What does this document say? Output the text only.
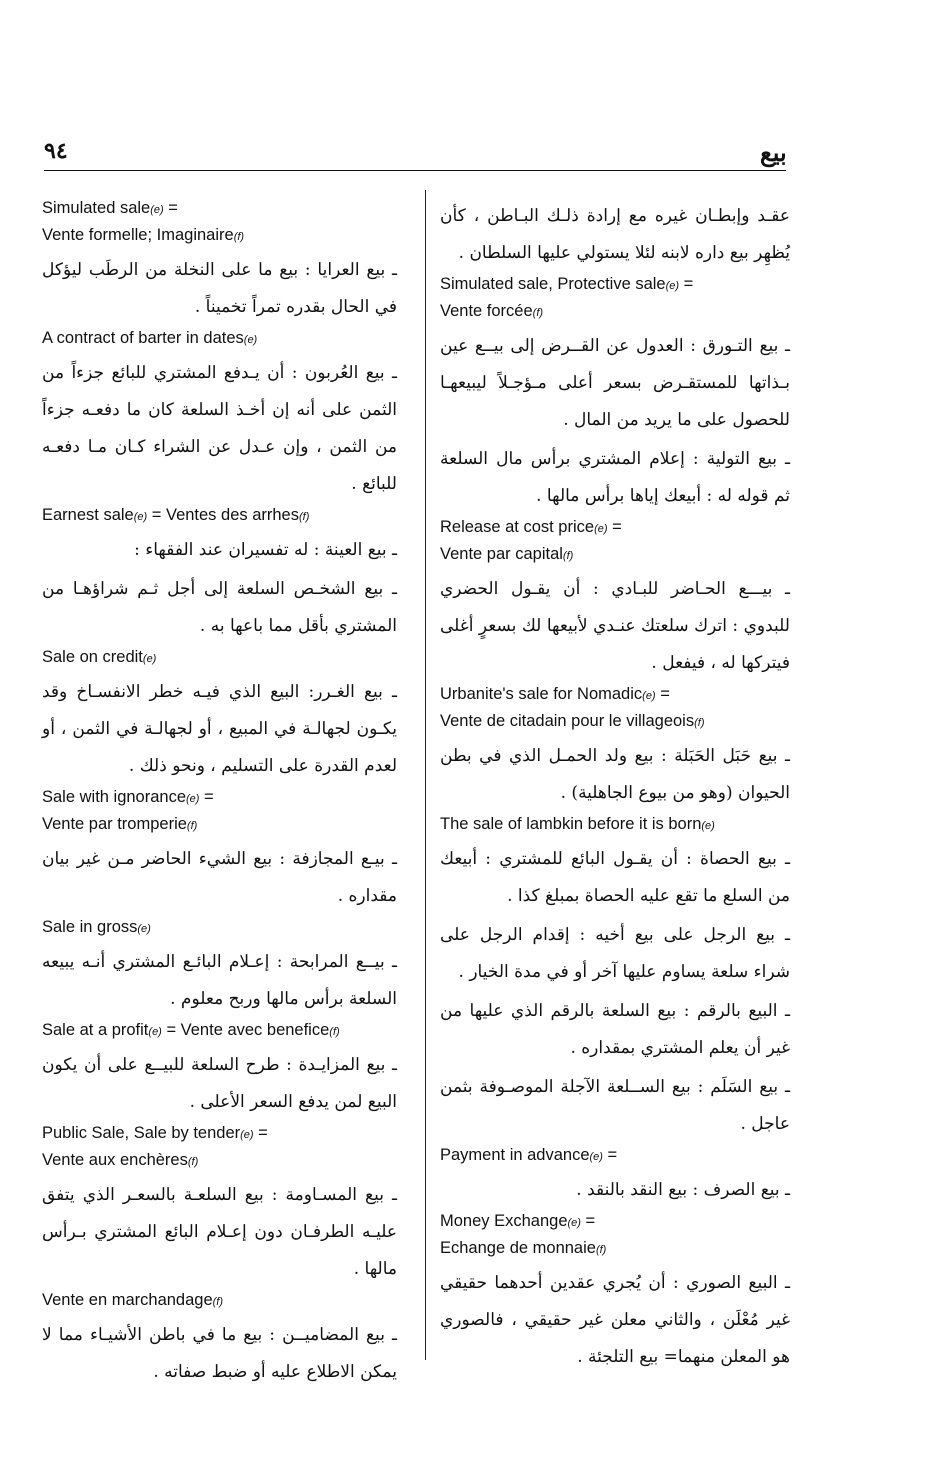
٩٤	بيع

Simulated sale(e) =

Vente formelle; Imaginaire(f)

ـ بيع العرايا : بيع ما على النخلة من الرطَب ليؤكل في الحال بقدره تمراً تخميناً .

A contract of barter in dates(e)

ـ بيع العُربون : أن يـدفع المشتري للبائع جزءاً من الثمن على أنه إن أخـذ السلعة كان ما دفعـه جزءاً من الثمن ، وإن عـدل عن الشراء كـان مـا دفعـه للبائع .

Earnest sale(e) = Ventes des arrhes(f)

ـ بيع العينة : له تفسيران عند الفقهاء :

ـ بيع الشخـص السلعة إلى أجل ثـم شراؤهـا من المشتري بأقل مما باعها به .

Sale on credit(e)

ـ بيع الغـرر: البيع الذي فيـه خطر الانفسـاخ وقد يكـون لجهالـة في المبيع ، أو لجهالـة في الثمن ، أو لعدم القدرة على التسليم ، ونحو ذلك .

Sale with ignorance(e) =

Vente par tromperie(f)

ـ بيـع المجازفة : بيع الشيء الحاضر مـن غير بيان مقداره .

Sale in gross(e)

ـ بيــع المرابحة : إعـلام البائـع المشتري أنـه يبيعه السلعة برأس مالها وربح معلوم .

Sale at a profit(e) = Vente avec benefice(f)

ـ بيع المزايـدة : طرح السلعة للبيــع على أن يكون البيع لمن يدفع السعر الأعلى .

Public Sale, Sale by tender(e) =

Vente aux enchères(f)

ـ بيع المسـاومة : بيع السلعـة بالسعـر الذي يتفق عليـه الطرفـان دون إعـلام البائع المشتري بـرأس مالها .

Vente en marchandage(f)

ـ بيع المضاميــن : بيع ما في باطن الأشيـاء مما لا يمكن الاطلاع عليه أو ضبط صفاته .

عقـد وإبطـان غيره مع إرادة ذلـك البـاطن ، كأن يُظهِر بيع داره لابنه لئلا يستولي عليها السلطان .

Simulated sale, Protective sale(e) =

Vente forcée(f)

ـ بيع التـورق : العدول عن القــرض إلى بيــع عين بـذاتها للمستقـرض بسعر أعلى مـؤجـلاً ليبيعهـا للحصول على ما يريد من المال .

ـ بيع التولية : إعلام المشتري برأس مال السلعة ثم قوله له : أبيعك إياها برأس مالها .

Release at cost price(e) =

Vente par capital(f)

ـ بيـــع الحـاضر للبـادي : أن يقـول الحضري للبدوي : اترك سلعتك عنـدي لأبيعها لك بسعرٍ أغلى فيتركها له ، فيفعل .

Urbanite's sale for Nomadic(e) =

Vente de citadain pour le villageois(f)

ـ بيع حَبَل الحَبَلة : بيع ولد الحمـل الذي في بطن الحيوان (وهو من بيوع الجاهلية) .

The sale of lambkin before it is born(e)

ـ بيع الحصاة : أن يقـول البائع للمشتري : أبيعك من السلع ما تقع عليه الحصاة بمبلغ كذا .

ـ بيع الرجل على بيع أخيه : إقدام الرجل على شراء سلعة يساوم عليها آخر أو في مدة الخيار .

ـ البيع بالرقم : بيع السلعة بالرقم الذي عليها من غير أن يعلم المشتري بمقداره .

ـ بيع السَلَم : بيع الســلعة الآجلة الموصـوفة بثمن عاجل .

Payment in advance(e) =

ـ بيع الصرف : بيع النقد بالنقد .

Money Exchange(e) =

Echange de monnaie(f)

ـ البيع الصوري : أن يُجري عقدين أحدهما حقيقي غير مُعْلَن ، والثاني معلن غير حقيقي ، فالصوري هو المعلن منهما= بيع التلجئة .
